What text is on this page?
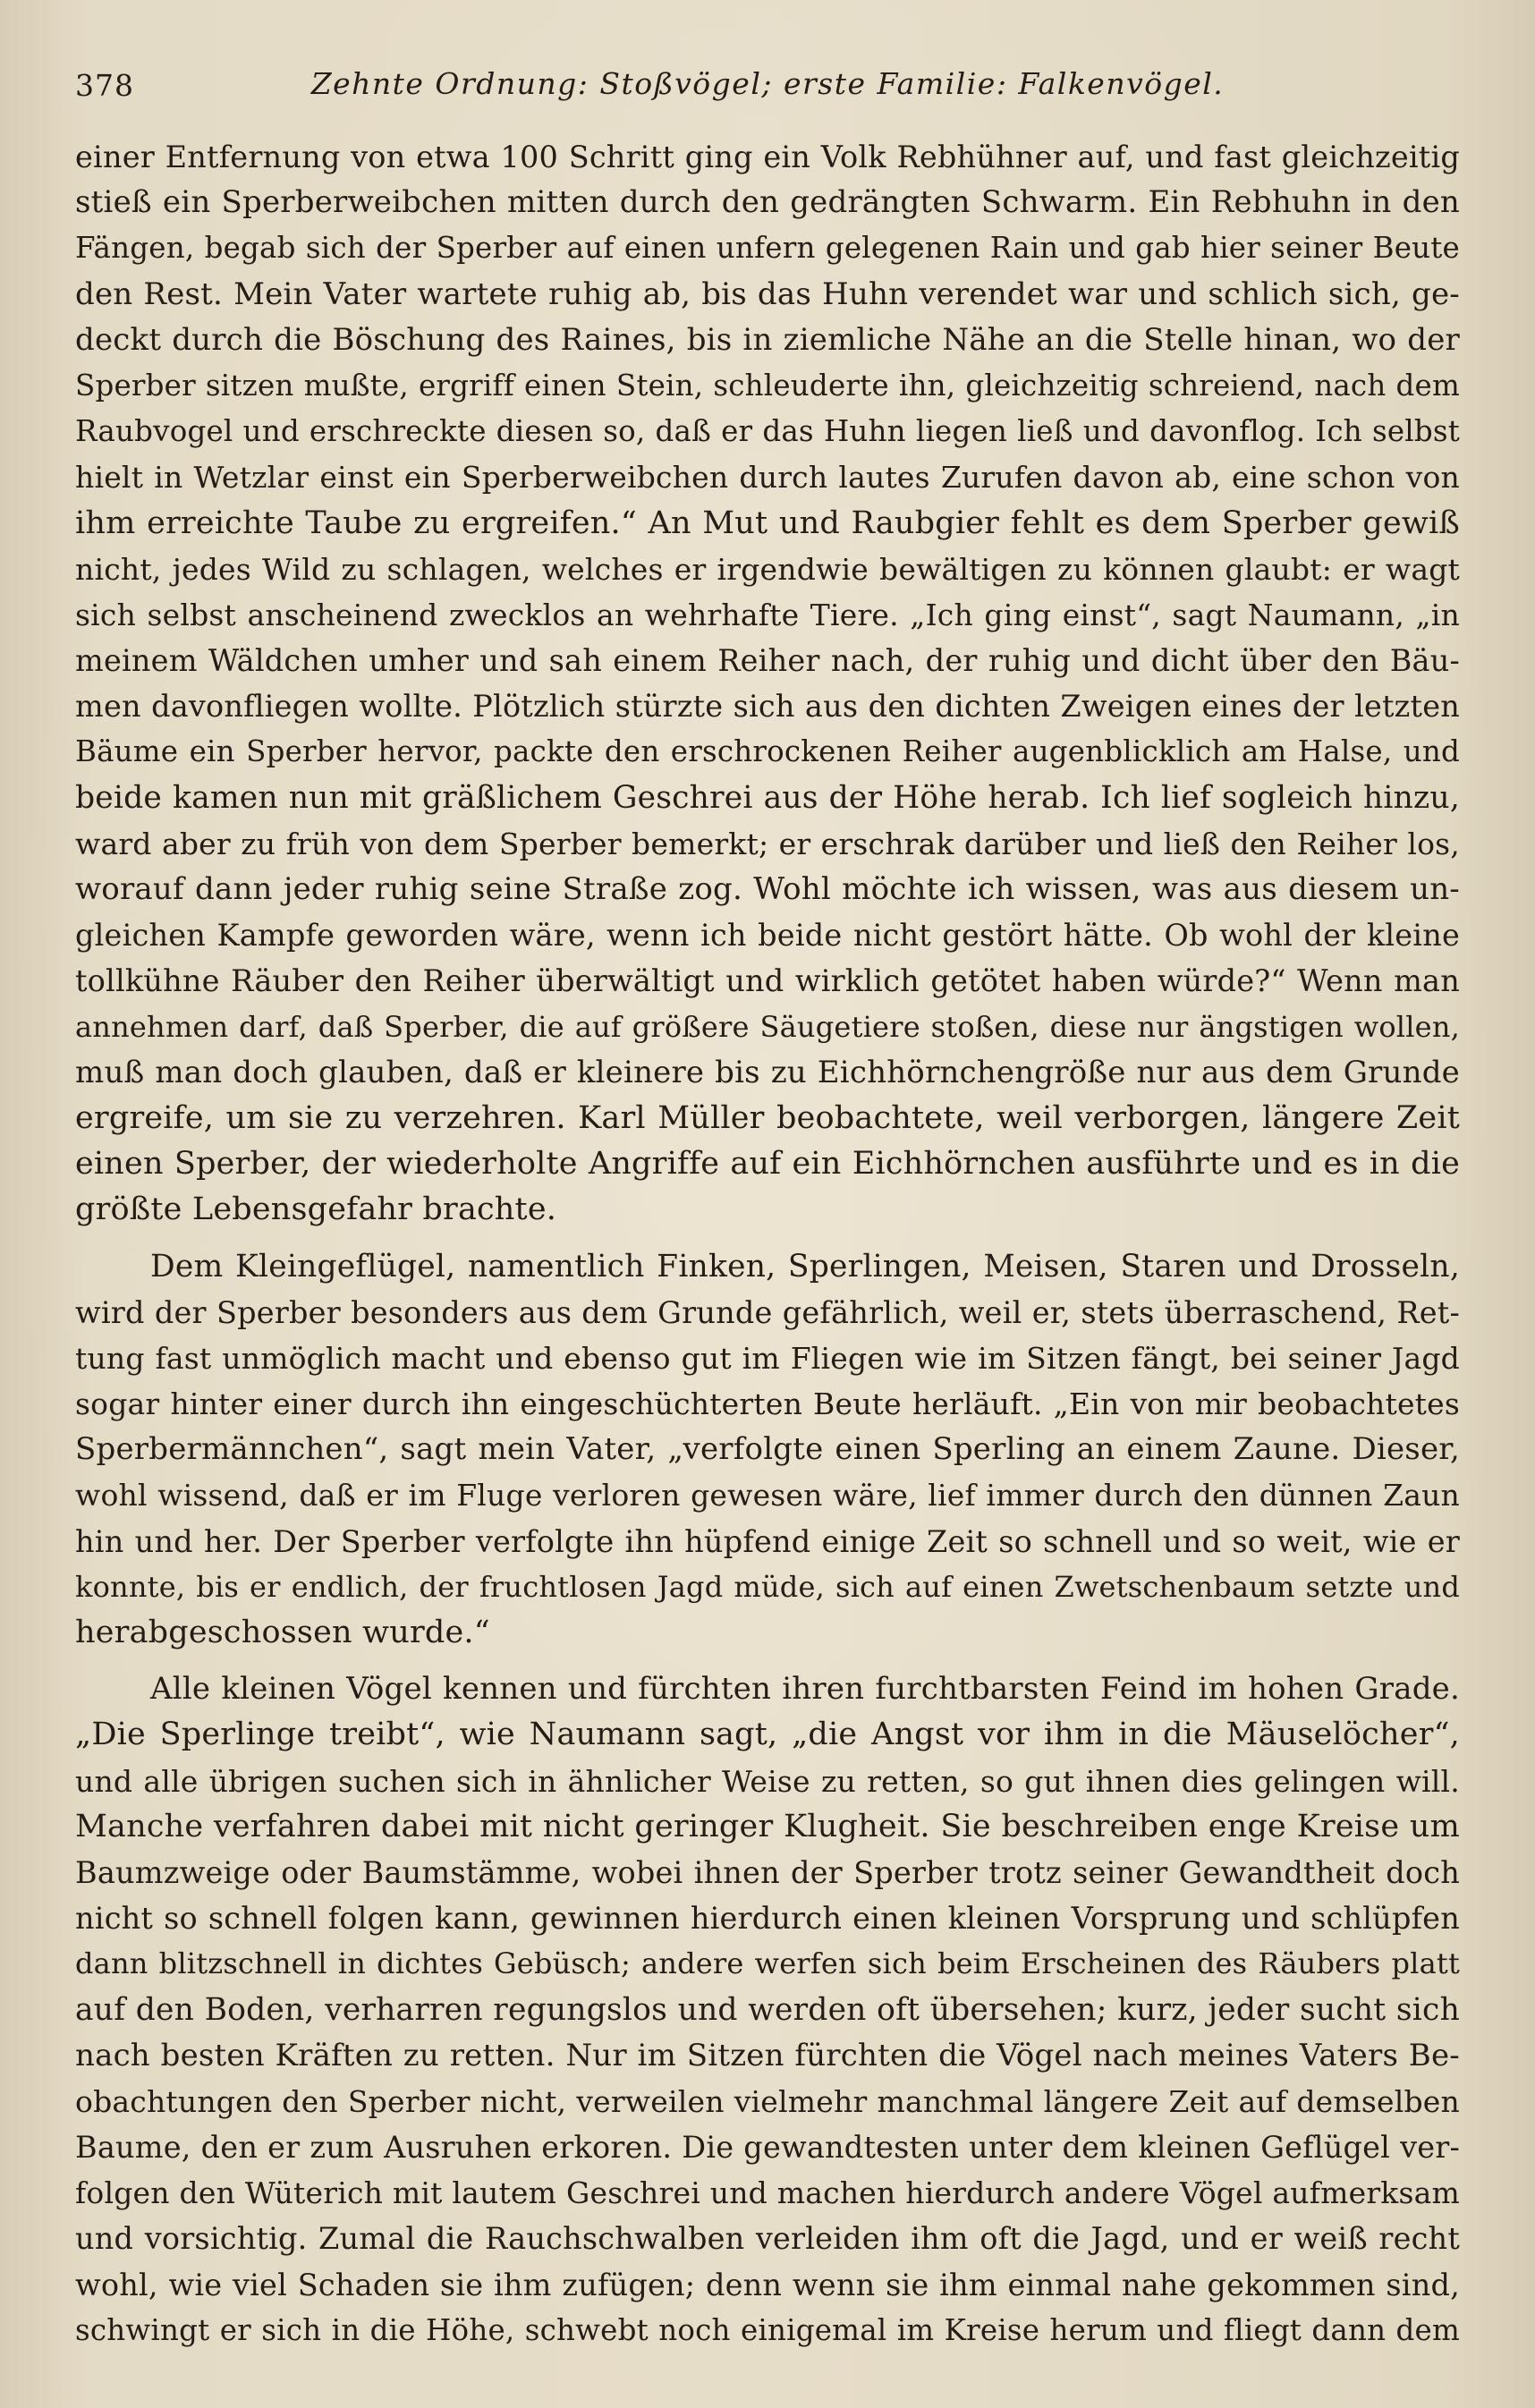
378	Zehnte Ordnung: Stoßvögel; erste Familie: Falkenvögel.
einer Entfernung von etwa 100 Schritt ging ein Volk Rebhühner auf, und fast gleichzeitig
stieß ein Sperberweibchen mitten durch den gedrängten Schwarm. Ein Rebhuhn in den
Fängen, begab sich der Sperber auf einen unfern gelegenen Rain und gab hier seiner Beute
den Rest. Mein Vater wartete ruhig ab, bis das Huhn verendet war und schlich sich, ge-
deckt durch die Böschung des Raines, bis in ziemliche Nähe an die Stelle hinan, wo der
Sperber sitzen mußte, ergriff einen Stein, schleuderte ihn, gleichzeitig schreiend, nach dem
Raubvogel und erschreckte diesen so, daß er das Huhn liegen ließ und davonflog. Ich selbst
hielt in Wetzlar einst ein Sperberweibchen durch lautes Zurufen davon ab, eine schon von
ihm erreichte Taube zu ergreifen.“ An Mut und Raubgier fehlt es dem Sperber gewiß
nicht, jedes Wild zu schlagen, welches er irgendwie bewältigen zu können glaubt: er wagt
sich selbst anscheinend zwecklos an wehrhafte Tiere. „Ich ging einst“, sagt Naumann, „in
meinem Wäldchen umher und sah einem Reiher nach, der ruhig und dicht über den Bäu-
men davonfliegen wollte. Plötzlich stürzte sich aus den dichten Zweigen eines der letzten
Bäume ein Sperber hervor, packte den erschrockenen Reiher augenblicklich am Halse, und
beide kamen nun mit gräßlichem Geschrei aus der Höhe herab. Ich lief sogleich hinzu,
ward aber zu früh von dem Sperber bemerkt; er erschrak darüber und ließ den Reiher los,
worauf dann jeder ruhig seine Straße zog. Wohl möchte ich wissen, was aus diesem un-
gleichen Kampfe geworden wäre, wenn ich beide nicht gestört hätte. Ob wohl der kleine
tollkühne Räuber den Reiher überwältigt und wirklich getötet haben würde?“ Wenn man
annehmen darf, daß Sperber, die auf größere Säugetiere stoßen, diese nur ängstigen wollen,
muß man doch glauben, daß er kleinere bis zu Eichhörnchengröße nur aus dem Grunde
ergreife, um sie zu verzehren. Karl Müller beobachtete, weil verborgen, längere Zeit
einen Sperber, der wiederholte Angriffe auf ein Eichhörnchen ausführte und es in die
größte Lebensgefahr brachte.
Dem Kleingeflügel, namentlich Finken, Sperlingen, Meisen, Staren und Drosseln,
wird der Sperber besonders aus dem Grunde gefährlich, weil er, stets überraschend, Ret-
tung fast unmöglich macht und ebenso gut im Fliegen wie im Sitzen fängt, bei seiner Jagd
sogar hinter einer durch ihn eingeschüchterten Beute herläuft. „Ein von mir beobachtetes
Sperbermännchen“, sagt mein Vater, „verfolgte einen Sperling an einem Zaune. Dieser,
wohl wissend, daß er im Fluge verloren gewesen wäre, lief immer durch den dünnen Zaun
hin und her. Der Sperber verfolgte ihn hüpfend einige Zeit so schnell und so weit, wie er
konnte, bis er endlich, der fruchtlosen Jagd müde, sich auf einen Zwetschenbaum setzte und
herabgeschossen wurde.“
Alle kleinen Vögel kennen und fürchten ihren furchtbarsten Feind im hohen Grade.
„Die Sperlinge treibt“, wie Naumann sagt, „die Angst vor ihm in die Mäuselöcher“,
und alle übrigen suchen sich in ähnlicher Weise zu retten, so gut ihnen dies gelingen will.
Manche verfahren dabei mit nicht geringer Klugheit. Sie beschreiben enge Kreise um
Baumzweige oder Baumstämme, wobei ihnen der Sperber trotz seiner Gewandtheit doch
nicht so schnell folgen kann, gewinnen hierdurch einen kleinen Vorsprung und schlüpfen
dann blitzschnell in dichtes Gebüsch; andere werfen sich beim Erscheinen des Räubers platt
auf den Boden, verharren regungslos und werden oft übersehen; kurz, jeder sucht sich
nach besten Kräften zu retten. Nur im Sitzen fürchten die Vögel nach meines Vaters Be-
obachtungen den Sperber nicht, verweilen vielmehr manchmal längere Zeit auf demselben
Baume, den er zum Ausruhen erkoren. Die gewandtesten unter dem kleinen Geflügel ver-
folgen den Wüterich mit lautem Geschrei und machen hierdurch andere Vögel aufmerksam
und vorsichtig. Zumal die Rauchschwalben verleiden ihm oft die Jagd, und er weiß recht
wohl, wie viel Schaden sie ihm zufügen; denn wenn sie ihm einmal nahe gekommen sind,
schwingt er sich in die Höhe, schwebt noch einigemal im Kreise herum und fliegt dann dem
